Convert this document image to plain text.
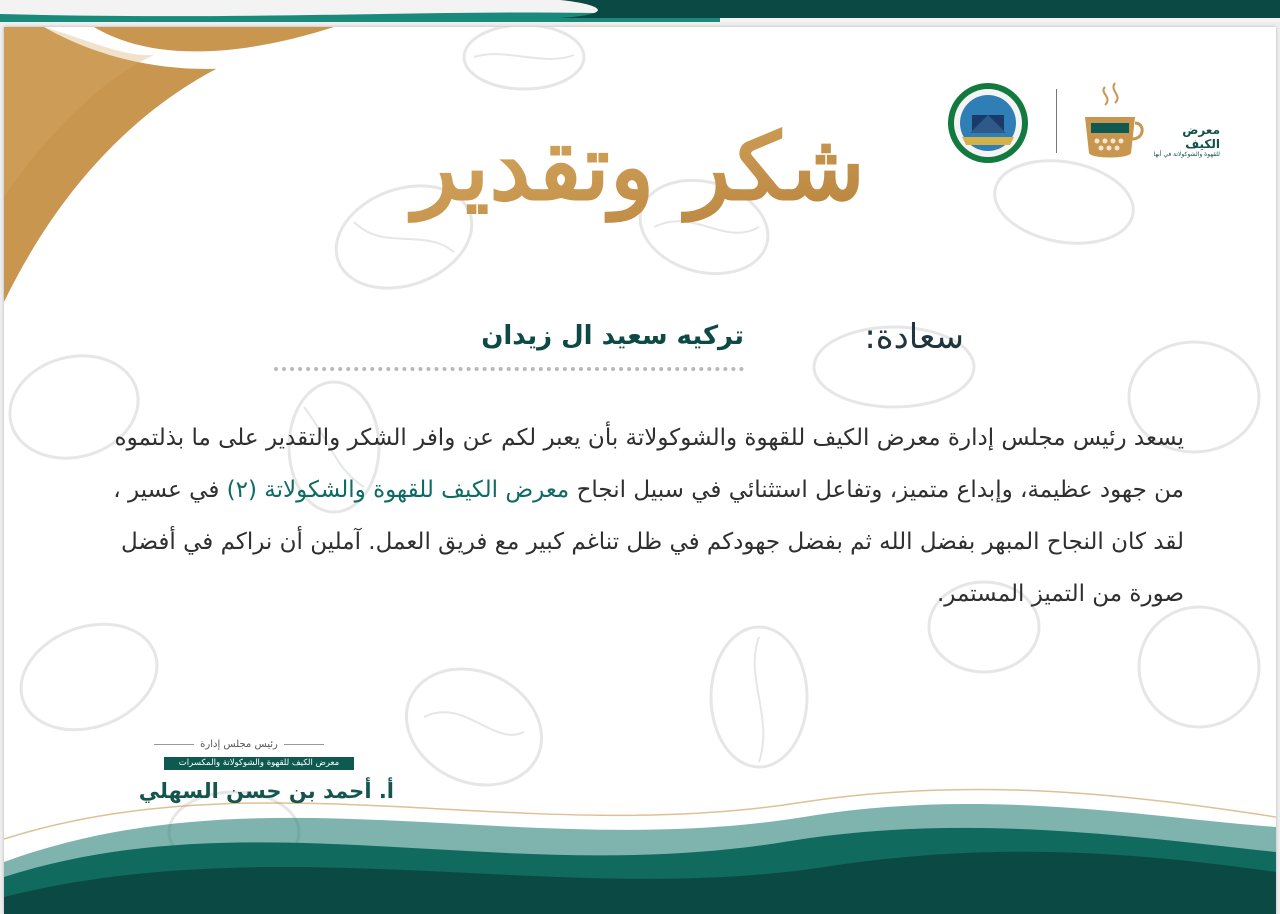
شكر وتقدير	معرض الكيف
للقهوة والشوكولاتة في أبها
سعادة:
تركيه سعيد ال زيدان

يسعد رئيس مجلس إدارة معرض الكيف للقهوة والشوكولاتة بأن يعبر لكم عن وافر الشكر والتقدير على ما بذلتموه من جهود عظيمة، وإبداع متميز، وتفاعل استثنائي في سبيل انجاح معرض الكيف للقهوة والشكولاتة (٢) في عسير ، لقد كان النجاح المبهر بفضل الله ثم بفضل جهودكم في ظل تناغم كبير مع فريق العمل. آملين أن نراكم في أفضل صورة من التميز المستمر.

رئيس مجلس إدارة
معرض الكيف للقهوة والشوكولاتة والمكسرات
أ. أحمد بن حسن السهلي
